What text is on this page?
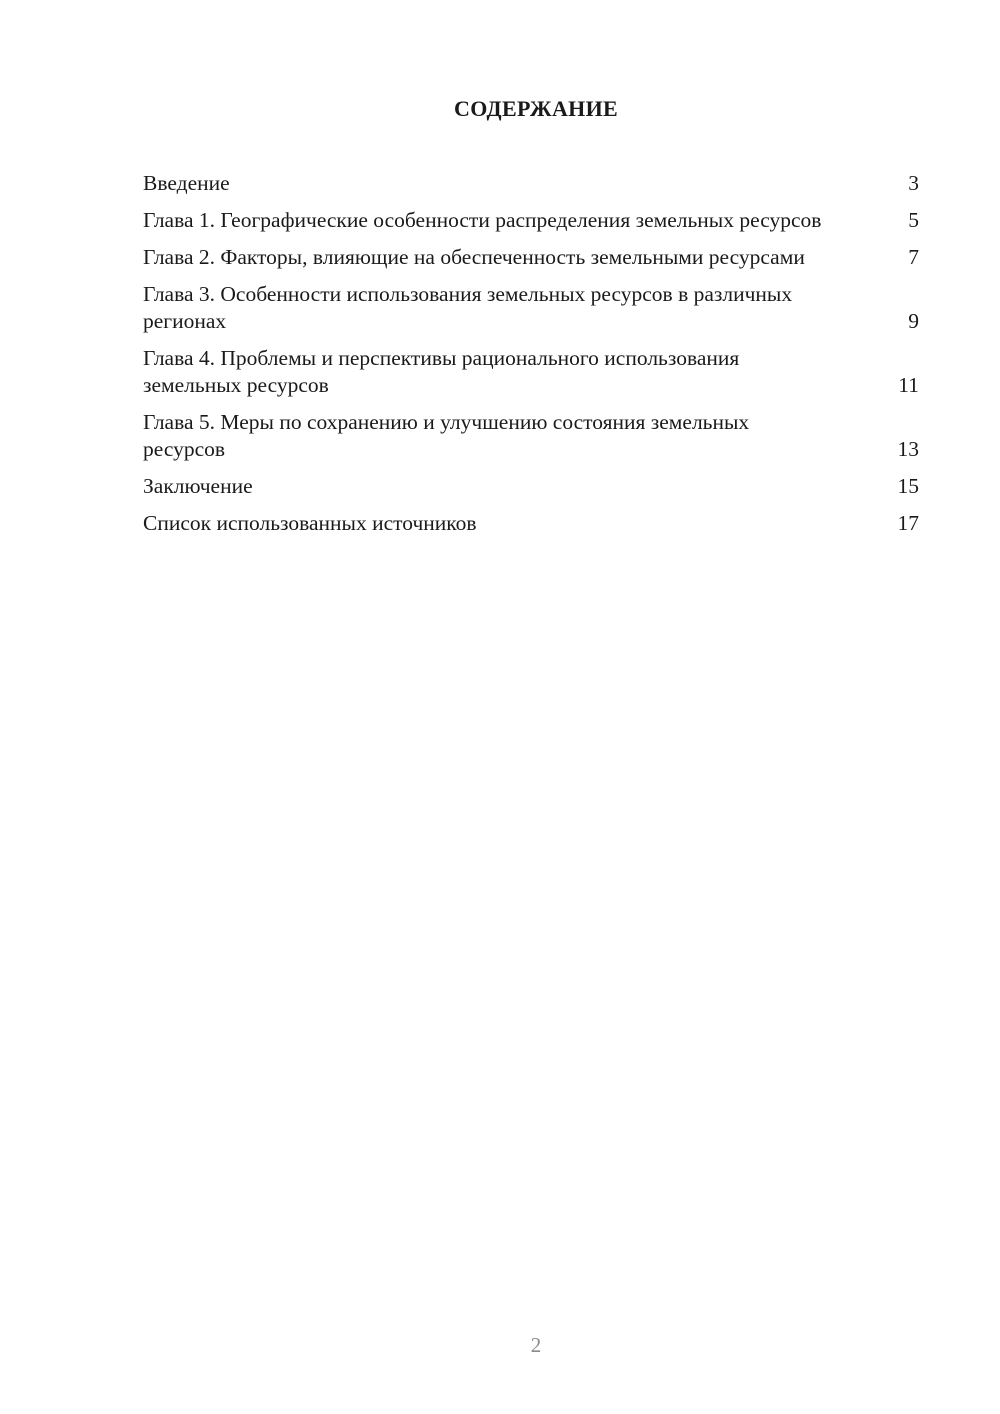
СОДЕРЖАНИЕ
Введение	3
Глава 1. Географические особенности распределения земельных ресурсов	5
Глава 2. Факторы, влияющие на обеспеченность земельными ресурсами	7
Глава 3. Особенности использования земельных ресурсов в различных регионах	9
Глава 4. Проблемы и перспективы рационального использования земельных ресурсов	11
Глава 5. Меры по сохранению и улучшению состояния земельных ресурсов	13
Заключение	15
Список использованных источников	17
2
